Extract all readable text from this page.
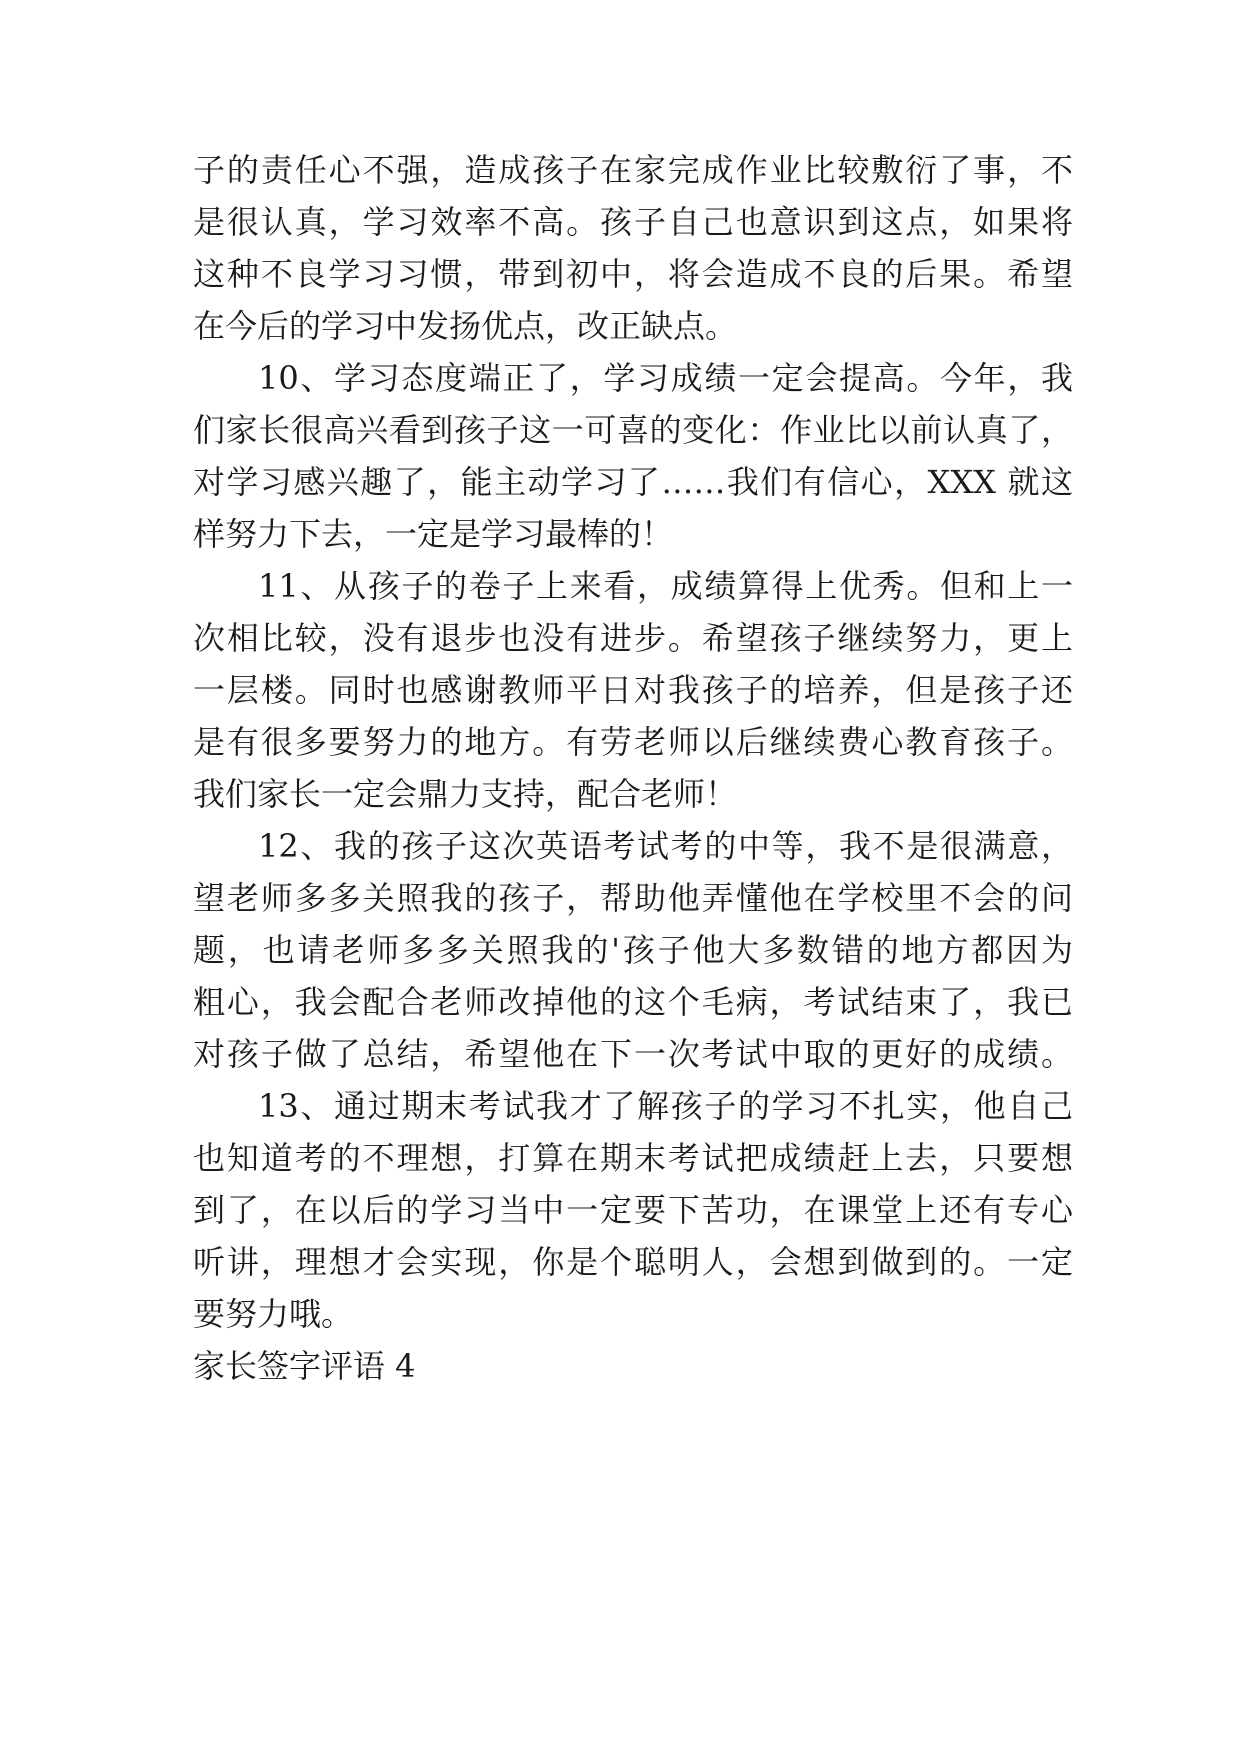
子的责任心不强，造成孩子在家完成作业比较敷衍了事，不
是很认真，学习效率不高。孩子自己也意识到这点，如果将
这种不良学习习惯，带到初中，将会造成不良的后果。希望
在今后的学习中发扬优点，改正缺点。
10、学习态度端正了，学习成绩一定会提高。今年，我
们家长很高兴看到孩子这一可喜的变化：作业比以前认真了，
对学习感兴趣了，能主动学习了……我们有信心，XXX 就这
样努力下去，一定是学习最棒的！
11、从孩子的卷子上来看，成绩算得上优秀。但和上一
次相比较，没有退步也没有进步。希望孩子继续努力，更上
一层楼。同时也感谢教师平日对我孩子的培养，但是孩子还
是有很多要努力的地方。有劳老师以后继续费心教育孩子。
我们家长一定会鼎力支持，配合老师！
12、我的孩子这次英语考试考的中等，我不是很满意，
望老师多多关照我的孩子，帮助他弄懂他在学校里不会的问
题，也请老师多多关照我的'孩子他大多数错的地方都因为
粗心，我会配合老师改掉他的这个毛病，考试结束了，我已
对孩子做了总结，希望他在下一次考试中取的更好的成绩。
13、通过期末考试我才了解孩子的学习不扎实，他自己
也知道考的不理想，打算在期末考试把成绩赶上去，只要想
到了，在以后的学习当中一定要下苦功，在课堂上还有专心
听讲，理想才会实现，你是个聪明人，会想到做到的。一定
要努力哦。
家长签字评语 4
